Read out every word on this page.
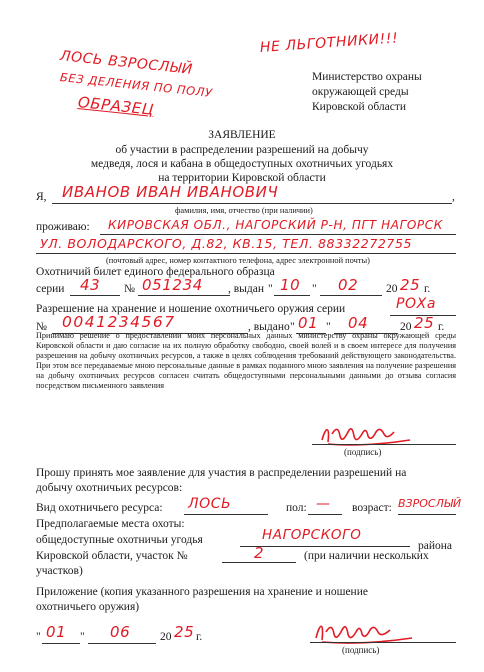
ЛОСЬ ВЗРОСЛЫЙ
БЕЗ ДЕЛЕНИЯ ПО ПОЛУ
ОБРАЗЕЦ
НЕ ЛЬГОТНИКИ!!!
Министерство охраны
окружающей среды
Кировской области
ЗАЯВЛЕНИЕ
об участии в распределении разрешений на добычу
медведя, лося и кабана в общедоступных охотничьих угодьях
на территории Кировской области
Я, ИВАНОВ ИВАН ИВАНОВИЧ	,
фамилия, имя, отчество (при наличии)
проживаю: КИРОВСКАЯ ОБЛ., НАГОРСКИЙ Р-Н, ПГТ НАГОРСК
УЛ. ВОЛОДАРСКОГО, Д.82, КВ.15, ТЕЛ. 88332272755
(почтовый адрес, номер контактного телефона, адрес электронной почты)
Охотничий билет единого федерального образца
серии 43 № 051234 , выдан " 10 " 02 20 25 г.
Разрешение на хранение и ношение охотничьего оружия серии	РОХа
№ 0041234567	, выдано " 01 " 04	20 25 г.
Принимаю решение о предоставлении моих персональных данных министерству охраны окружающей среды Кировской области и даю согласие на их полную обработку свободно, своей волей и в своем интересе для получения разрешения на добычу охотничьих ресурсов, а также в целях соблюдения требований действующего законодательства. При этом все передаваемые мною персональные данные в рамках поданного мною заявления на получение разрешения на добычу охотничьих ресурсов согласен считать общедоступными персональными данными до отзыва согласия посредством письменного заявления
(подпись)
Прошу принять мое заявление для участия в распределении разрешений на
добычу охотничьих ресурсов:
Вид охотничьего ресурса: ЛОСЬ	пол: — возраст: ВЗРОСЛЫЙ
Предполагаемые места охоты:
общедоступные охотничьи угодья	НАГОРСКОГО
района
Кировской области, участок №	2	(при наличии нескольких
участков)
Приложение (копия указанного разрешения на хранение и ношение
охотничьего оружия)
" 01 " 06	20 25 г.
(подпись)
